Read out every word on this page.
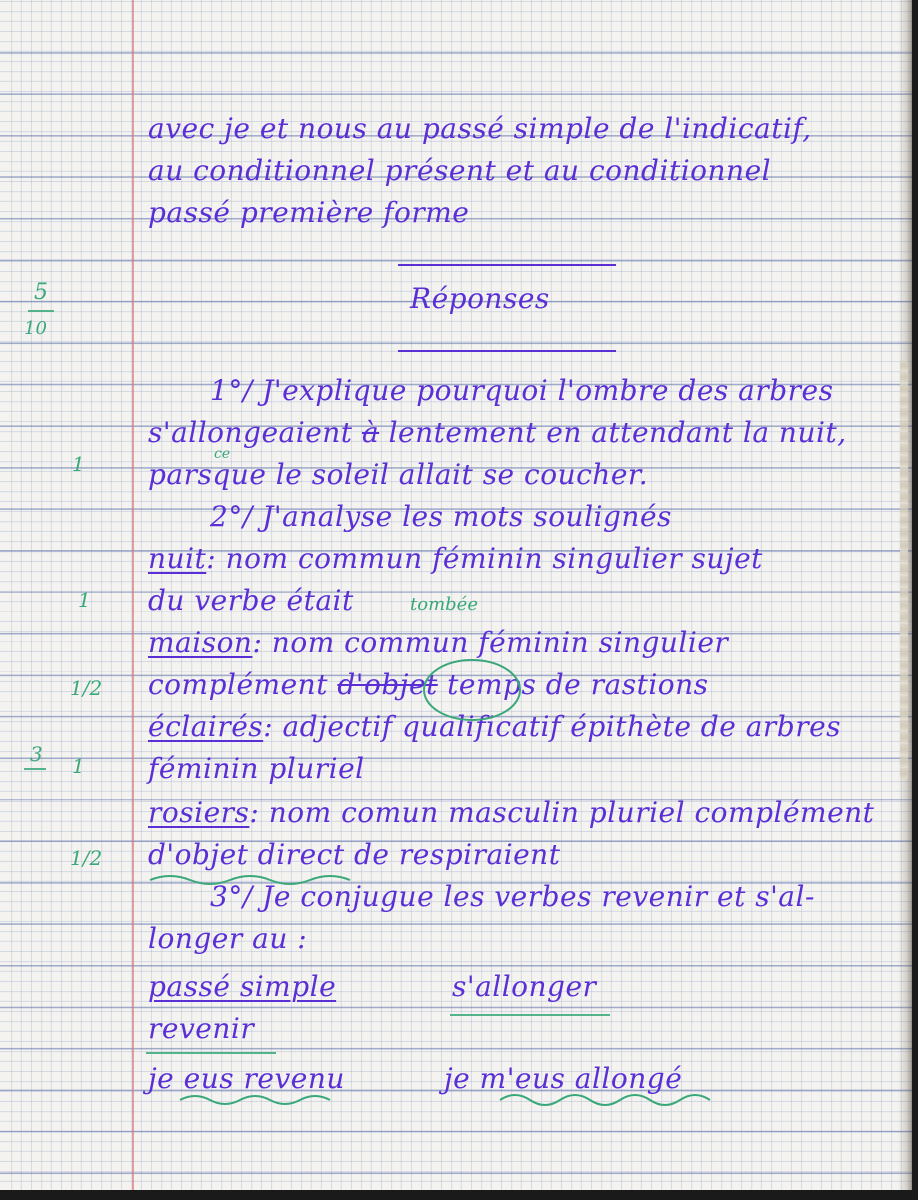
avec je et nous au passé simple de l'indicatif,
au conditionnel présent et au conditionnel
passé première forme
Réponses
5
10
1°/ J'explique pourquoi l'ombre des arbres
s'allongeaient à lentement en attendant la nuit,
ce
parsque le soleil allait se coucher.
1
2°/ J'analyse les mots soulignés
nuit: nom commun féminin singulier sujet
du verbe était	tombée
1
maison: nom commun féminin singulier
complément d'objet temps de rastions
1/2
éclairés: adjectif qualificatif épithète de arbres
féminin pluriel
3 1
rosiers: nom comun masculin pluriel complément
d'objet direct de respiraient
1/2
3°/ Je conjugue les verbes revenir et s'al-
longer au :
passé simple	s'allonger
revenir
je eus revenu	je m'eus allongé
